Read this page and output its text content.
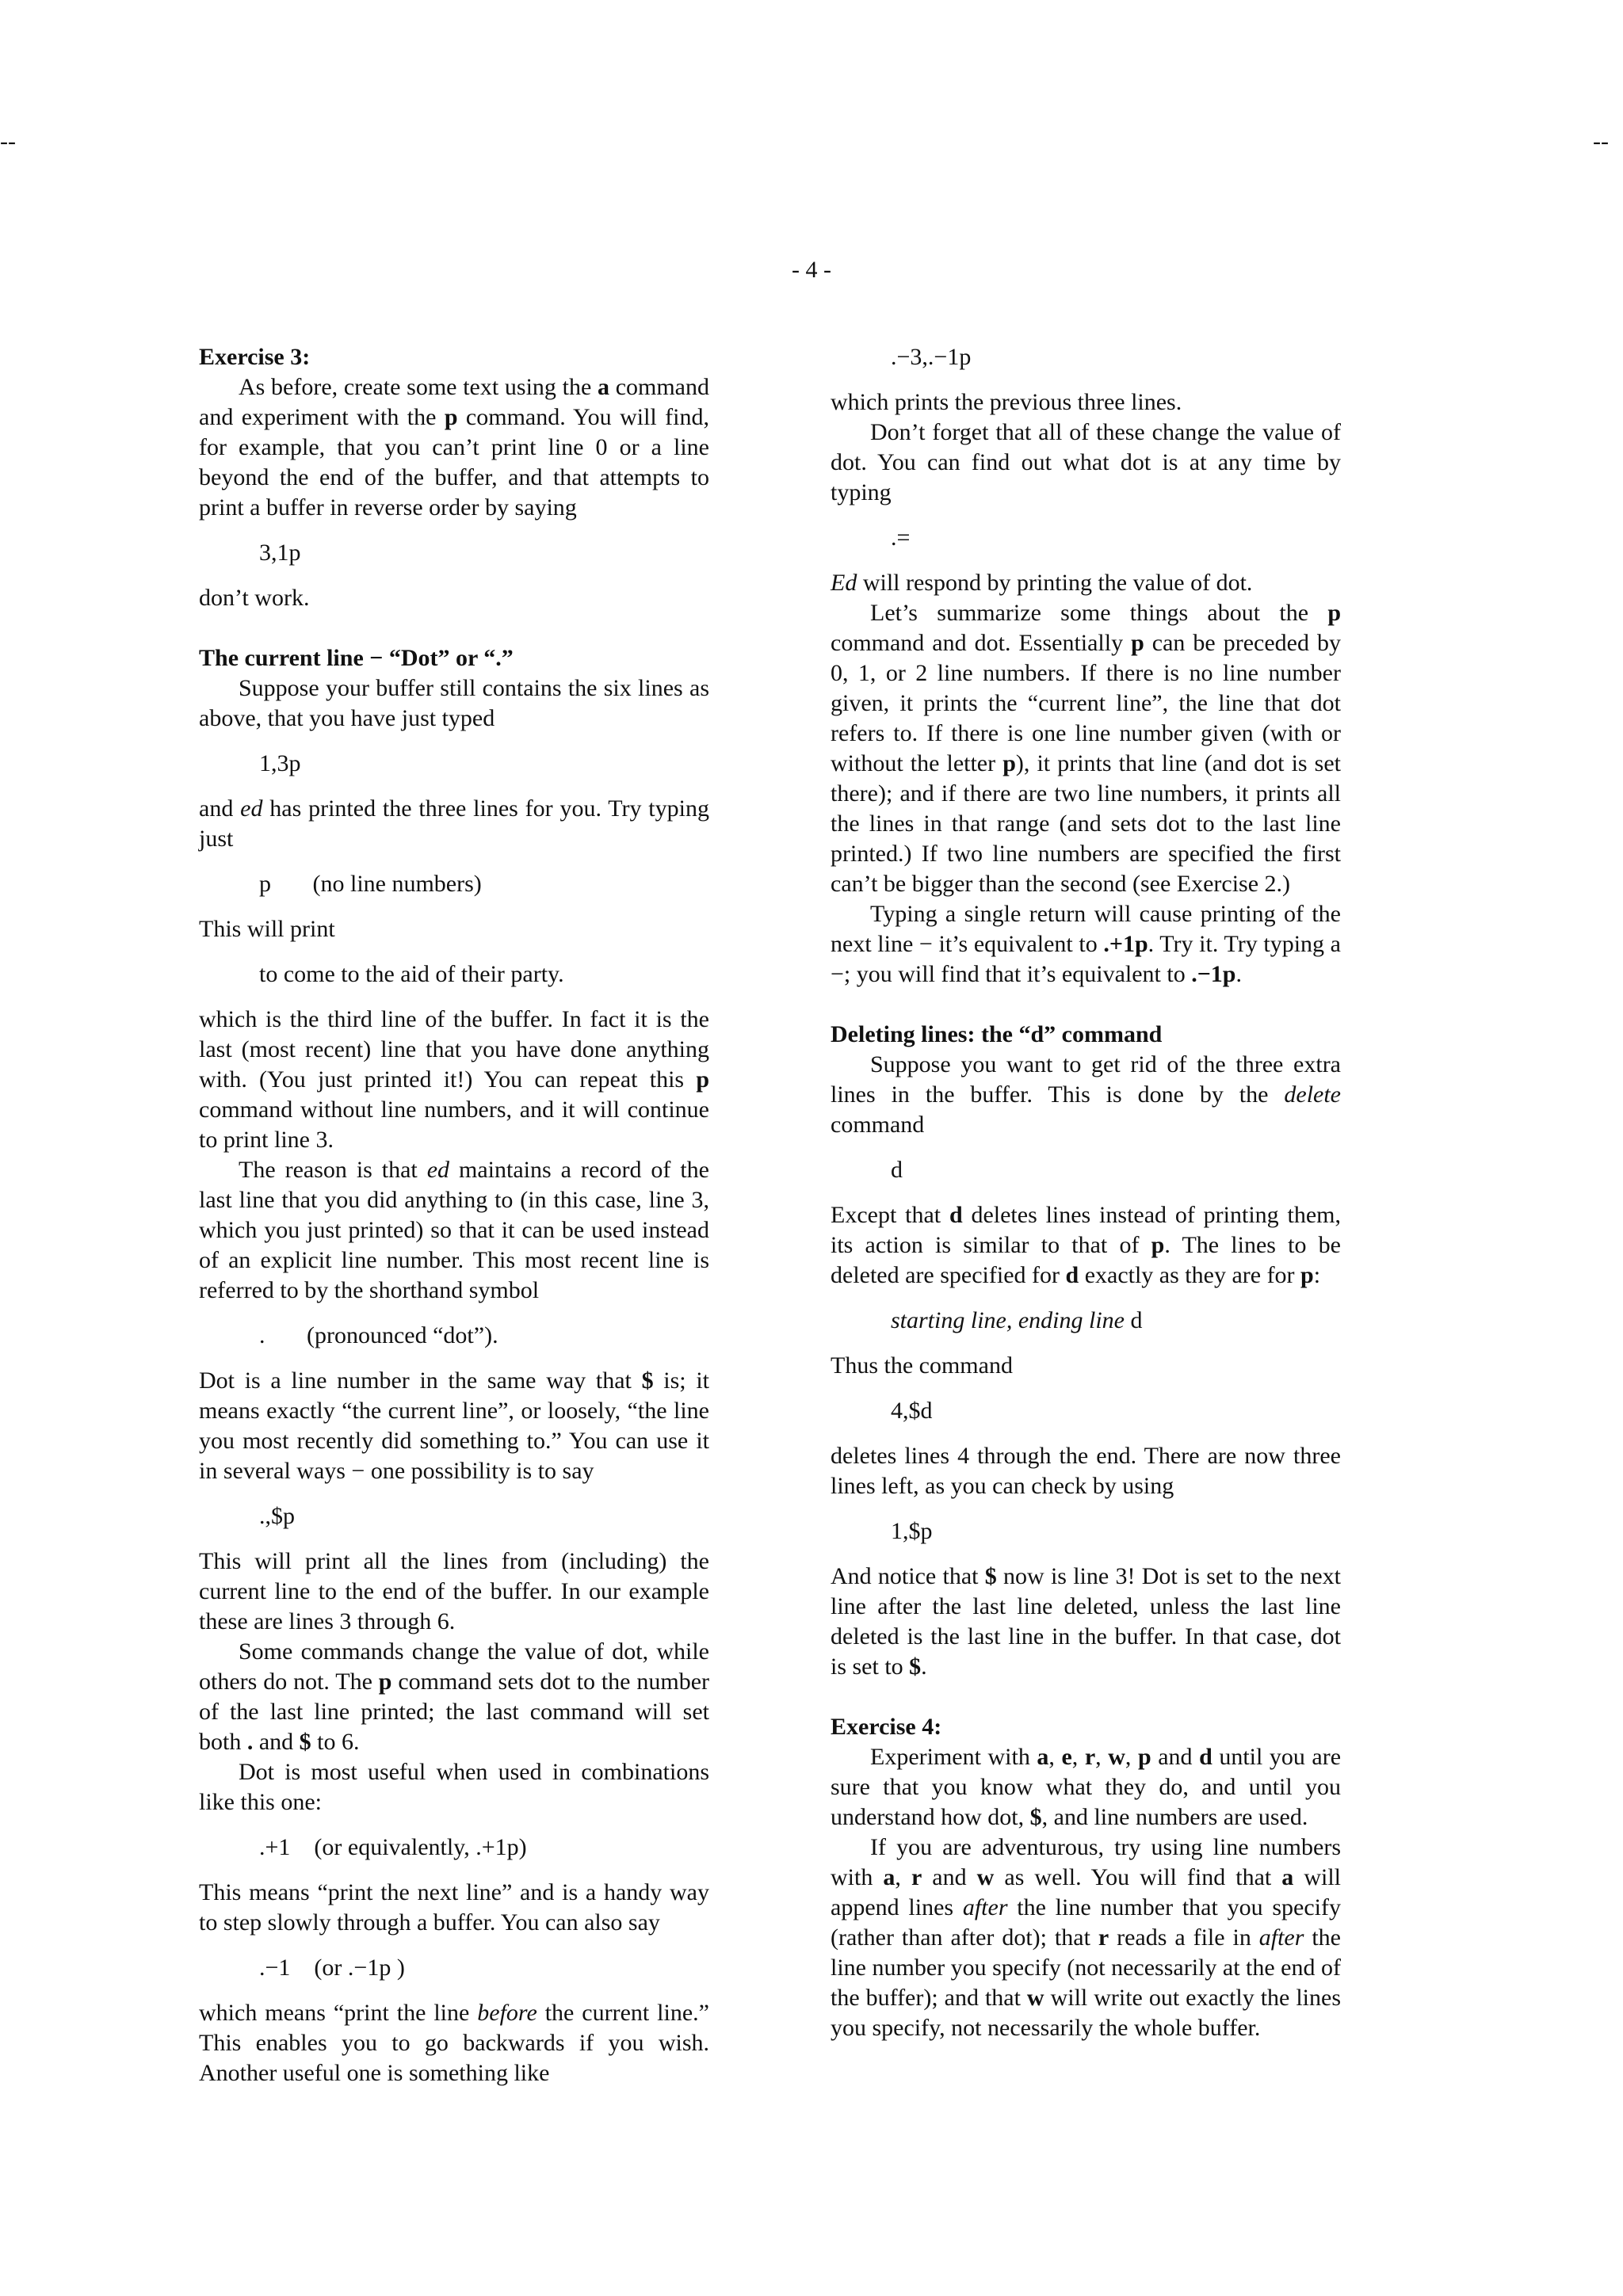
--	--
- 4 -
Exercise 3:

As before, create some text using the a command and experiment with the p command. You will find, for example, that you can’t print line 0 or a line beyond the end of the buffer, and that attempts to print a buffer in reverse order by saying

3,1p

don’t work.

The current line − “Dot” or “.”

Suppose your buffer still contains the six lines as above, that you have just typed

1,3p

and ed has printed the three lines for you. Try typing just

p       (no line numbers)

This will print

to come to the aid of their party.

which is the third line of the buffer. In fact it is the last (most recent) line that you have done anything with. (You just printed it!) You can repeat this p command without line numbers, and it will continue to print line 3.

The reason is that ed maintains a record of the last line that you did anything to (in this case, line 3, which you just printed) so that it can be used instead of an explicit line number. This most recent line is referred to by the shorthand symbol

.       (pronounced “dot”).

Dot is a line number in the same way that $ is; it means exactly “the current line”, or loosely, “the line you most recently did something to.” You can use it in several ways − one possibility is to say

.,$p

This will print all the lines from (including) the current line to the end of the buffer. In our example these are lines 3 through 6.

Some commands change the value of dot, while others do not. The p command sets dot to the number of the last line printed; the last command will set both . and $ to 6.

Dot is most useful when used in combinations like this one:

.+1    (or equivalently, .+1p)

This means “print the next line” and is a handy way to step slowly through a buffer. You can also say

.−1    (or .−1p )

which means “print the line before the current line.” This enables you to go backwards if you wish. Another useful one is something like

.−3,.−1p

which prints the previous three lines.

Don’t forget that all of these change the value of dot. You can find out what dot is at any time by typing

.=

Ed will respond by printing the value of dot.

Let’s summarize some things about the p command and dot. Essentially p can be preceded by 0, 1, or 2 line numbers. If there is no line number given, it prints the “current line”, the line that dot refers to. If there is one line number given (with or without the letter p), it prints that line (and dot is set there); and if there are two line numbers, it prints all the lines in that range (and sets dot to the last line printed.) If two line numbers are specified the first can’t be bigger than the second (see Exercise 2.)

Typing a single return will cause printing of the next line − it’s equivalent to .+1p. Try it. Try typing a −; you will find that it’s equivalent to .−1p.

Deleting lines: the “d” command

Suppose you want to get rid of the three extra lines in the buffer. This is done by the delete command

d

Except that d deletes lines instead of printing them, its action is similar to that of p. The lines to be deleted are specified for d exactly as they are for p:

starting line, ending line d

Thus the command

4,$d

deletes lines 4 through the end. There are now three lines left, as you can check by using

1,$p

And notice that $ now is line 3! Dot is set to the next line after the last line deleted, unless the last line deleted is the last line in the buffer. In that case, dot is set to $.

Exercise 4:

Experiment with a, e, r, w, p and d until you are sure that you know what they do, and until you understand how dot, $, and line numbers are used.

If you are adventurous, try using line numbers with a, r and w as well. You will find that a will append lines after the line number that you specify (rather than after dot); that r reads a file in after the line number you specify (not necessarily at the end of the buffer); and that w will write out exactly the lines you specify, not necessarily the whole buffer.
